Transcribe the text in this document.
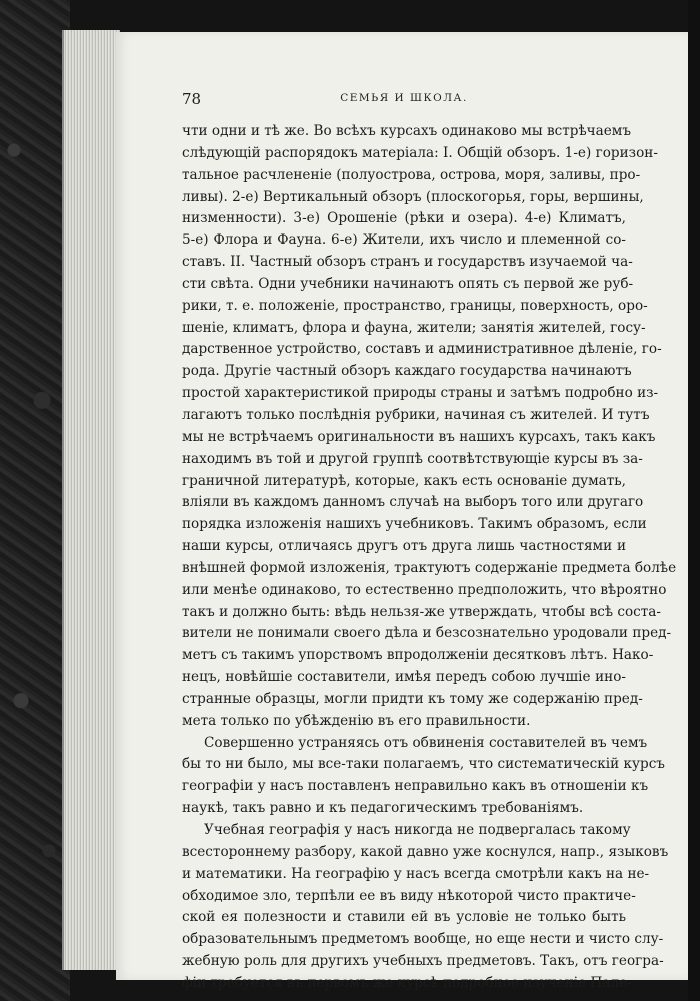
78	СЕМЬЯ И ШКОЛА.
чти одни и тѣ же. Во всѣхъ курсахъ одинаково мы встрѣчаемъ
слѣдующій распорядокъ матеріала: I. Общій обзоръ. 1-е) горизон-
тальное расчлененіе (полуострова, острова, моря, заливы, про-
ливы). 2-е) Вертикальный обзоръ (плоскогорья, горы, вершины,
низменности). 3-е) Орошеніе (рѣки и озера). 4-е) Климатъ,
5-е) Флора и Фауна. 6-е) Жители, ихъ число и племенной со-
ставъ. II. Частный обзоръ странъ и государствъ изучаемой ча-
сти свѣта. Одни учебники начинаютъ опять съ первой же руб-
рики, т. е. положеніе, пространство, границы, поверхность, оро-
шеніе, климатъ, флора и фауна, жители; занятія жителей, госу-
дарственное устройство, составъ и административное дѣленіе, го-
рода. Другіе частный обзоръ каждаго государства начинаютъ
простой характеристикой природы страны и затѣмъ подробно из-
лагаютъ только послѣднія рубрики, начиная съ жителей. И тутъ
мы не встрѣчаемъ оригинальности въ нашихъ курсахъ, такъ какъ
находимъ въ той и другой группѣ соотвѣтствующіе курсы въ за-
граничной литературѣ, которые, какъ есть основаніе думать,
вліяли въ каждомъ данномъ случаѣ на выборъ того или другаго
порядка изложенія нашихъ учебниковъ. Такимъ образомъ, если
наши курсы, отличаясь другъ отъ друга лишь частностями и
внѣшней формой изложенія, трактуютъ содержаніе предмета болѣе
или менѣе одинаково, то естественно предположить, что вѣроятно
такъ и должно быть: вѣдь нельзя-же утверждать, чтобы всѣ соста-
вители не понимали своего дѣла и безсознательно уродовали пред-
метъ съ такимъ упорствомъ впродолженіи десятковъ лѣтъ. Нако-
нецъ, новѣйшіе составители, имѣя передъ собою лучшіе ино-
странные образцы, могли придти къ тому же содержанію пред-
мета только по убѣжденію въ его правильности.
Совершенно устраняясь отъ обвиненія составителей въ чемъ
бы то ни было, мы все-таки полагаемъ, что систематическій курсъ
географіи у насъ поставленъ неправильно какъ въ отношеніи къ
наукѣ, такъ равно и къ педагогическимъ требованіямъ.
Учебная географія у насъ никогда не подвергалась такому
всестороннему разбору, какой давно уже коснулся, напр., языковъ
и математики. На географію у насъ всегда смотрѣли какъ на не-
обходимое зло, терпѣли ее въ виду нѣкоторой чисто практиче-
ской ея полезности и ставили ей въ условіе не только быть
образовательнымъ предметомъ вообще, но еще нести и чисто слу-
жебную роль для другихъ учебныхъ предметовъ. Такъ, отъ геогра-
фіи требуется въ первомъ же курсѣ подробное изученіе Пале-
